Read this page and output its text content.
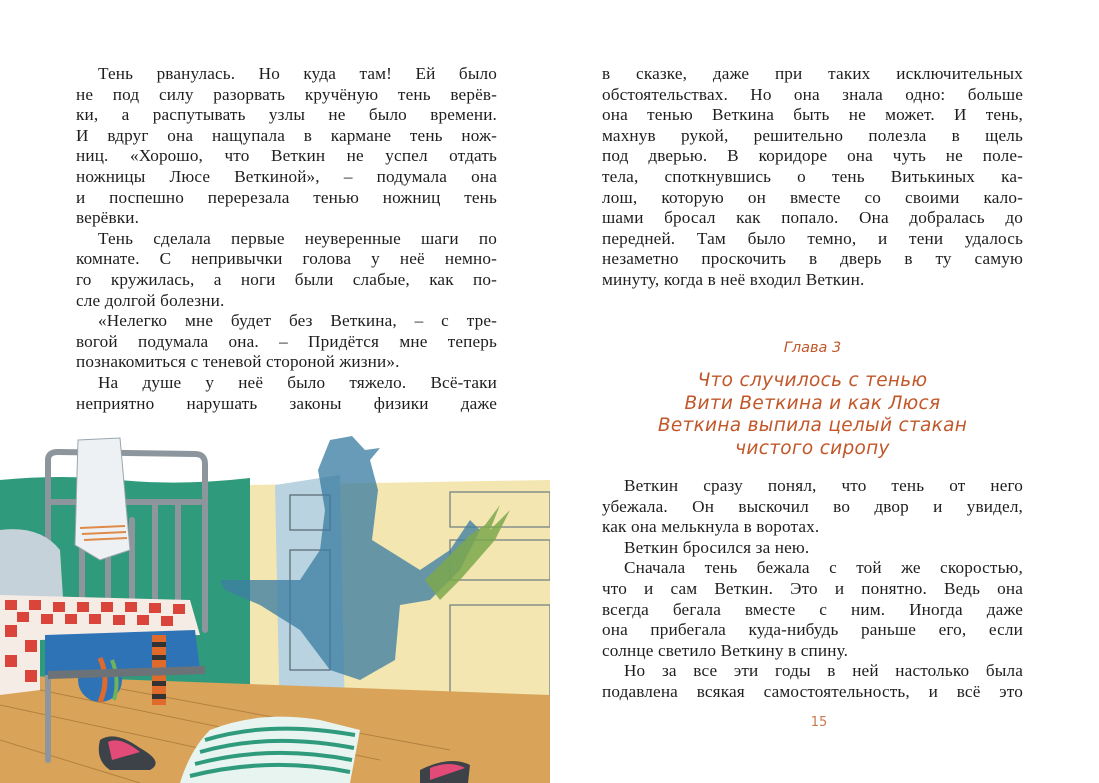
Тень рванулась. Но куда там! Ей было
не под силу разорвать кручёную тень верёв-
ки, а распутывать узлы не было времени.
И вдруг она нащупала в кармане тень нож-
ниц. «Хорошо, что Веткин не успел отдать
ножницы Люсе Веткиной», – подумала она
и поспешно перерезала тенью ножниц тень
верёвки.
Тень сделала первые неуверенные шаги по
комнате. С непривычки голова у неё немно-
го кружилась, а ноги были слабые, как по-
сле долгой болезни.
«Нелегко мне будет без Веткина, – с тре-
вогой подумала она. – Придётся мне теперь
познакомиться с теневой стороной жизни».
На душе у неё было тяжело. Всё-таки
неприятно нарушать законы физики даже
в сказке, даже при таких исключительных
обстоятельствах. Но она знала одно: больше
она тенью Веткина быть не может. И тень,
махнув рукой, решительно полезла в щель
под дверью. В коридоре она чуть не поле-
тела, споткнувшись о тень Витькиных ка-
лош, которую он вместе со своими кало-
шами бросал как попало. Она добралась до
передней. Там было темно, и тени удалось
незаметно проскочить в дверь в ту самую
минуту, когда в неё входил Веткин.
Глава 3
Что случилось с тенью
Вити Веткина и как Люся
Веткина выпила целый стакан
чистого сиропу
Веткин сразу понял, что тень от него
убежала. Он выскочил во двор и увидел,
как она мелькнула в воротах.
Веткин бросился за нею.
Сначала тень бежала с той же скоростью,
что и сам Веткин. Это и понятно. Ведь она
всегда бегала вместе с ним. Иногда даже
она прибегала куда-нибудь раньше его, если
солнце светило Веткину в спину.
Но за все эти годы в ней настолько была
подавлена всякая самостоятельность, и всё это
15
